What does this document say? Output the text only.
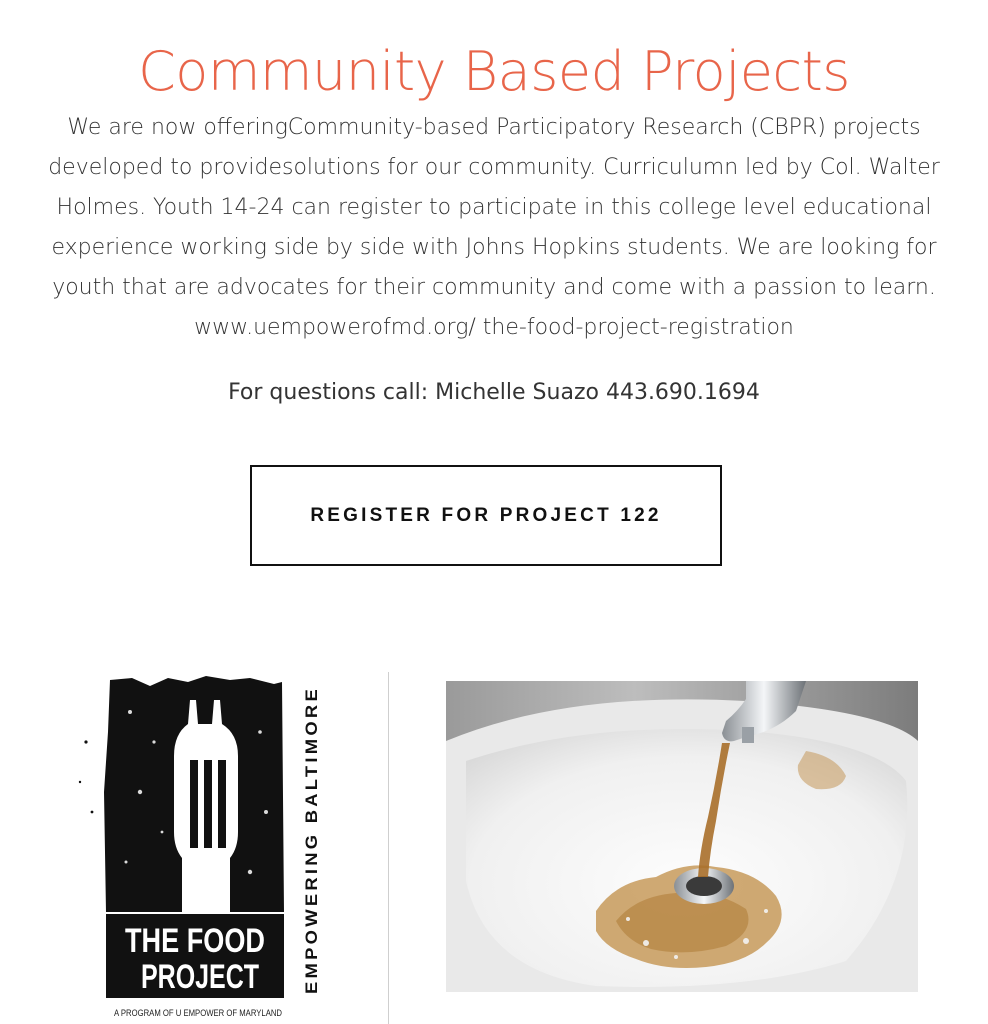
Community Based Projects

We are now offeringCommunity-based Participatory Research (CBPR) projects

developed to providesolutions for our community. Curriculumn led by Col. Walter

Holmes. Youth 14-24 can register to participate in this college level educational

experience working side by side with Johns Hopkins students. We are looking for

youth that are advocates for their community and come with a passion to learn.

www.uempowerofmd.org/ the-food-project-registration

For questions call: Michelle Suazo 443.690.1694
REGISTER FOR PROJECT 122
THE FOOD
PROJECT	EMPOWERING BALTIMORE
A PROGRAM OF U EMPOWER OF MARYLAND
